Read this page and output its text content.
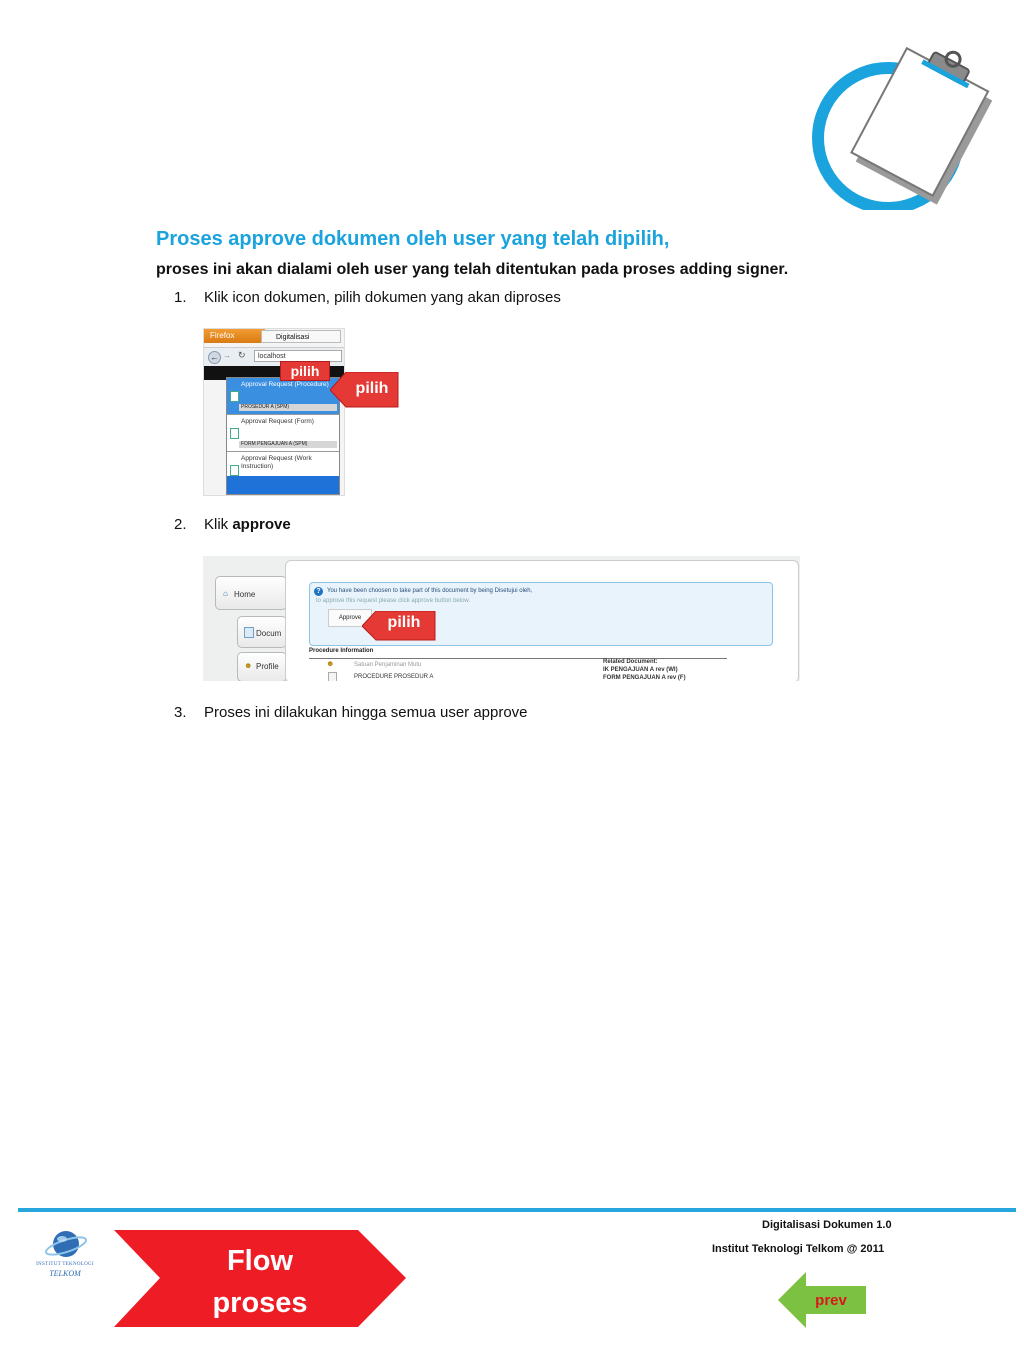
Proses approve dokumen oleh user yang telah dipilih,
proses ini akan dialami oleh user yang telah ditentukan pada proses adding signer.
1. Klik icon dokumen, pilih dokumen yang akan diproses
Firefox	Digitalisasi
← → ↻	localhost
Approval Request (Procedure)
PROSEDUR A (SPM)
Approval Request (Form)
FORM PENGAJUAN A (SPM)
Approval Request (Work Instruction)
pilih
pilih
2. Klik approve
⌂ Home
Docum
☻ Profile
?	You have been choosen to take part of this document by being Disetujui oleh,
to approve this request please click approve button below.
Approve
Procedure Information
☻	Satuan Penjaminan Mutu
PROCEDURE PROSEDUR A
Related Document:
IK PENGAJUAN A rev (WI)
FORM PENGAJUAN A rev (F)
pilih
3. Proses ini dilakukan hingga semua user approve
INSTITUT TEKNOLOGI
TELKOM	Flow
proses
Digitalisasi Dokumen 1.0
Institut Teknologi Telkom @ 2011
prev
